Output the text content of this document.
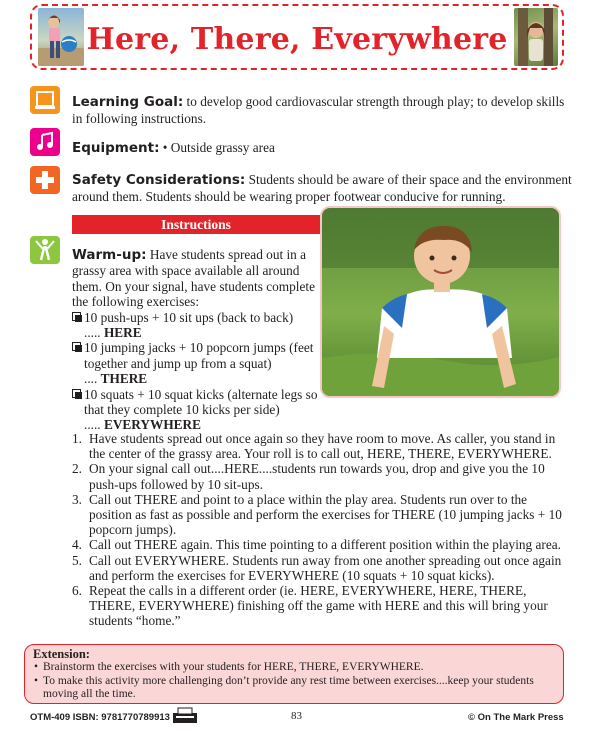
Here, There, Everywhere
Learning Goal: to develop good cardiovascular strength through play; to develop skills in following instructions.
Equipment: • Outside grassy area
Safety Considerations: Students should be aware of their space and the environment around them. Students should be wearing proper footwear conducive for running.
Instructions
Warm-up: Have students spread out in a grassy area with space available all around them. On your signal, have students complete the following exercises:
10 push-ups + 10 sit ups (back to back)
..... HERE
10 jumping jacks + 10 popcorn jumps (feet together and jump up from a squat)
.... THERE
10 squats + 10 squat kicks (alternate legs so that they complete 10 kicks per side)
..... EVERYWHERE
1. Have students spread out once again so they have room to move. As caller, you stand in the center of the grassy area. Your roll is to call out, HERE, THERE, EVERYWHERE.
2. On your signal call out....HERE....students run towards you, drop and give you the 10 push-ups followed by 10 sit-ups.
3. Call out THERE and point to a place within the play area. Students run over to the position as fast as possible and perform the exercises for THERE (10 jumping jacks + 10 popcorn jumps).
4. Call out THERE again. This time pointing to a different position within the playing area.
5. Call out EVERYWHERE. Students run away from one another spreading out once again and perform the exercises for EVERYWHERE (10 squats + 10 squat kicks).
6. Repeat the calls in a different order (ie. HERE, EVERYWHERE, HERE, THERE, THERE, EVERYWHERE) finishing off the game with HERE and this will bring your students “home.”
Extension:
• Brainstorm the exercises with your students for HERE, THERE, EVERYWHERE.
• To make this activity more challenging don’t provide any rest time between exercises....keep your students moving all the time.
OTM-409 ISBN: 9781770789913	83	© On The Mark Press
